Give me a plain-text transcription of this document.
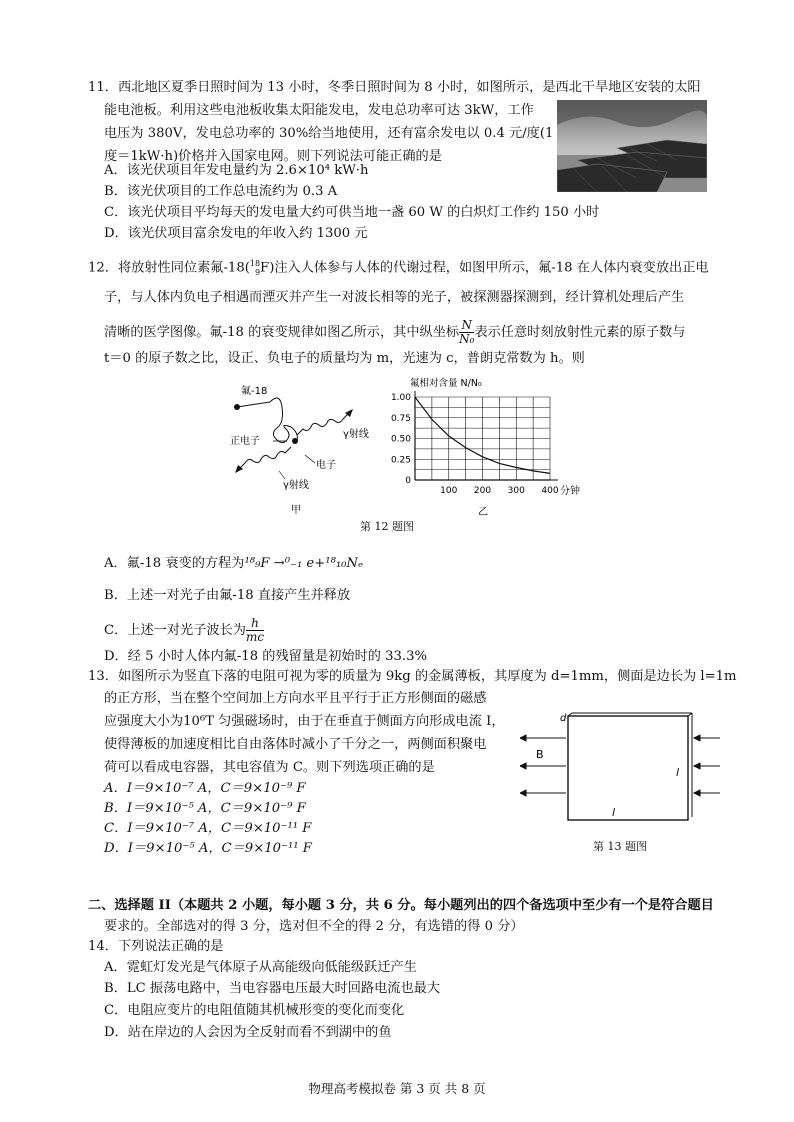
11．西北地区夏季日照时间为 13 小时，冬季日照时间为 8 小时，如图所示，是西北干旱地区安装的太阳
能电池板。利用这些电池板收集太阳能发电，发电总功率可达 3kW，工作
电压为 380V，发电总功率的 30%给当地使用，还有富余发电以 0.4 元/度(1
度＝1kW·h)价格并入国家电网。则下列说法可能正确的是
A．该光伏项目年发电量约为 2.6×10⁴ kW·h
B．该光伏项目的工作总电流约为 0.3 A
C．该光伏项目平均每天的发电量大约可供当地一盏 60 W 的白炽灯工作约 150 小时
D．该光伏项目富余发电的年收入约 1300 元
12．将放射性同位素氟-18( 18
9 F)注入人体参与人体的代谢过程，如图甲所示，氟-18 在人体内衰变放出正电
子，与人体内负电子相遇而湮灭并产生一对波长相等的光子，被探测器探测到，经计算机处理后产生
清晰的医学图像。氟-18 的衰变规律如图乙所示，其中纵坐标 $\frac{N}{\text{N₀}}$ 表示任意时刻放射性元素的原子数与
t＝0 的原子数之比，设正、负电子的质量均为 m，光速为 c，普朗克常数为 h。则
氟-18
正电子
电子
γ射线
γ射线
甲
氟相对含量 N/N₀
0
0.25
0.50
0.75
1.00
100 200 300 400 分钟
乙
第 12 题图
A．氟-18 衰变的方程为¹⁸₉F →⁰₋₁ e+¹⁸₁₀Nₑ
B．上述一对光子由氟-18 直接产生并释放
C．上述一对光子波长为 $\frac{h}{mc}$
D．经 5 小时人体内氟-18 的残留量是初始时的 33.3%
13．如图所示为竖直下落的电阻可视为零的质量为 9kg 的金属薄板，其厚度为 d=1mm，侧面是边长为 l=1m
的正方形，当在整个空间加上方向水平且平行于正方形侧面的磁感
应强度大小为10⁶T 匀强磁场时，由于在垂直于侧面方向形成电流 I，
使得薄板的加速度相比自由落体时减小了千分之一，两侧面积聚电
荷可以看成电容器，其电容值为 C。则下列选项正确的是
A．I＝9×10⁻⁷ A，C＝9×10⁻⁹ F
B．I＝9×10⁻⁵ A，C＝9×10⁻⁹ F
C．I＝9×10⁻⁷ A，C＝9×10⁻¹¹ F
D．I＝9×10⁻⁵ A，C＝9×10⁻¹¹ F
d
B
l
l
第 13 题图
二、选择题 II（本题共 2 小题，每小题 3 分，共 6 分。每小题列出的四个备选项中至少有一个是符合题目
要求的。全部选对的得 3 分，选对但不全的得 2 分，有选错的得 0 分）
14．下列说法正确的是
A．霓虹灯发光是气体原子从高能级向低能级跃迁产生
B．LC 振荡电路中，当电容器电压最大时回路电流也最大
C．电阻应变片的电阻值随其机械形变的变化而变化
D．站在岸边的人会因为全反射而看不到湖中的鱼
物理高考模拟卷 第 3 页 共 8 页
